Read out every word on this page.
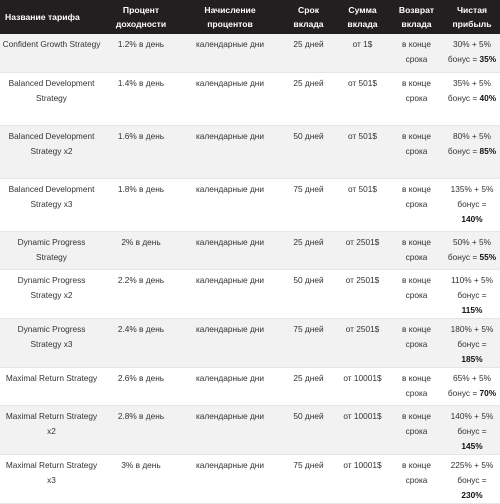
Название тарифа	Процент доходности	Начисление процентов	Срок вклада	Сумма вклада	Возврат вклада	Чистая прибыль
Confident Growth Strategy	1.2% в день	календарные дни	25 дней	от 1$	в конце срока	30% + 5% бонус = 35%
Balanced Development Strategy	1.4% в день	календарные дни	25 дней	от 501$	в конце срока	35% + 5% бонус = 40%
Balanced Development Strategy x2	1.6% в день	календарные дни	50 дней	от 501$	в конце срока	80% + 5% бонус = 85%
Balanced Development Strategy x3	1.8% в день	календарные дни	75 дней	от 501$	в конце срока	135% + 5% бонус = 140%
Dynamic Progress Strategy	2% в день	календарные дни	25 дней	от 2501$	в конце срока	50% + 5% бонус = 55%
Dynamic Progress Strategy x2	2.2% в день	календарные дни	50 дней	от 2501$	в конце срока	110% + 5% бонус = 115%
Dynamic Progress Strategy x3	2.4% в день	календарные дни	75 дней	от 2501$	в конце срока	180% + 5% бонус = 185%
Maximal Return Strategy	2.6% в день	календарные дни	25 дней	от 10001$	в конце срока	65% + 5% бонус = 70%
Maximal Return Strategy x2	2.8% в день	календарные дни	50 дней	от 10001$	в конце срока	140% + 5% бонус = 145%
Maximal Return Strategy x3	3% в день	календарные дни	75 дней	от 10001$	в конце срока	225% + 5% бонус = 230%
